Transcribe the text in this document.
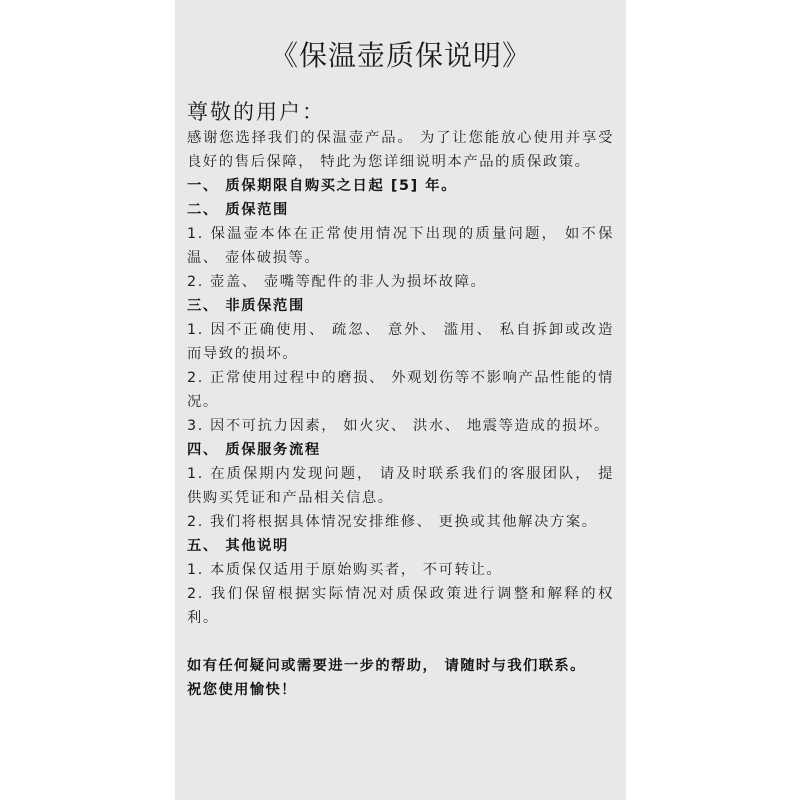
《保温壶质保说明》

尊敬的用户：

感谢您选择我们的保温壶产品。 为了让您能放心使用并享受良好的售后保障， 特此为您详细说明本产品的质保政策。

一、 质保期限自购买之日起 [5] 年。

二、 质保范围

1. 保温壶本体在正常使用情况下出现的质量问题， 如不保温、 壶体破损等。

2. 壶盖、 壶嘴等配件的非人为损坏故障。

三、 非质保范围

1. 因不正确使用、 疏忽、 意外、 滥用、 私自拆卸或改造而导致的损坏。

2. 正常使用过程中的磨损、 外观划伤等不影响产品性能的情况。

3. 因不可抗力因素， 如火灾、 洪水、 地震等造成的损坏。

四、 质保服务流程

1. 在质保期内发现问题， 请及时联系我们的客服团队， 提供购买凭证和产品相关信息。

2. 我们将根据具体情况安排维修、 更换或其他解决方案。

五、 其他说明

1. 本质保仅适用于原始购买者， 不可转让。

2. 我们保留根据实际情况对质保政策进行调整和解释的权利。

如有任何疑问或需要进一步的帮助， 请随时与我们联系。

祝您使用愉快！
